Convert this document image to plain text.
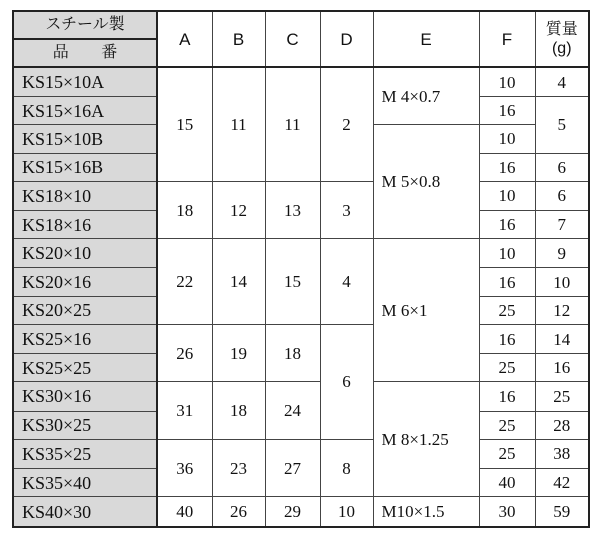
スチール製	A	B	C	D	E	F	質量
(g)

品 番							
KS15×10A	15	11	11	2	M 4×0.7	10	4
KS15×16A						16	5
KS15×10B					M 5×0.8	10	
KS15×16B						16	6
KS18×10	18	12	13	3		10	6
KS18×16						16	7
KS20×10	22	14	15	4	M 6×1	10	9
KS20×16						16	10
KS20×25						25	12
KS25×16	26	19	18	6		16	14
KS25×25						25	16
KS30×16	31	18	24		M 8×1.25	16	25
KS30×25						25	28
KS35×25	36	23	27	8		25	38
KS35×40						40	42
KS40×30	40	26	29	10	M10×1.5	30	59
